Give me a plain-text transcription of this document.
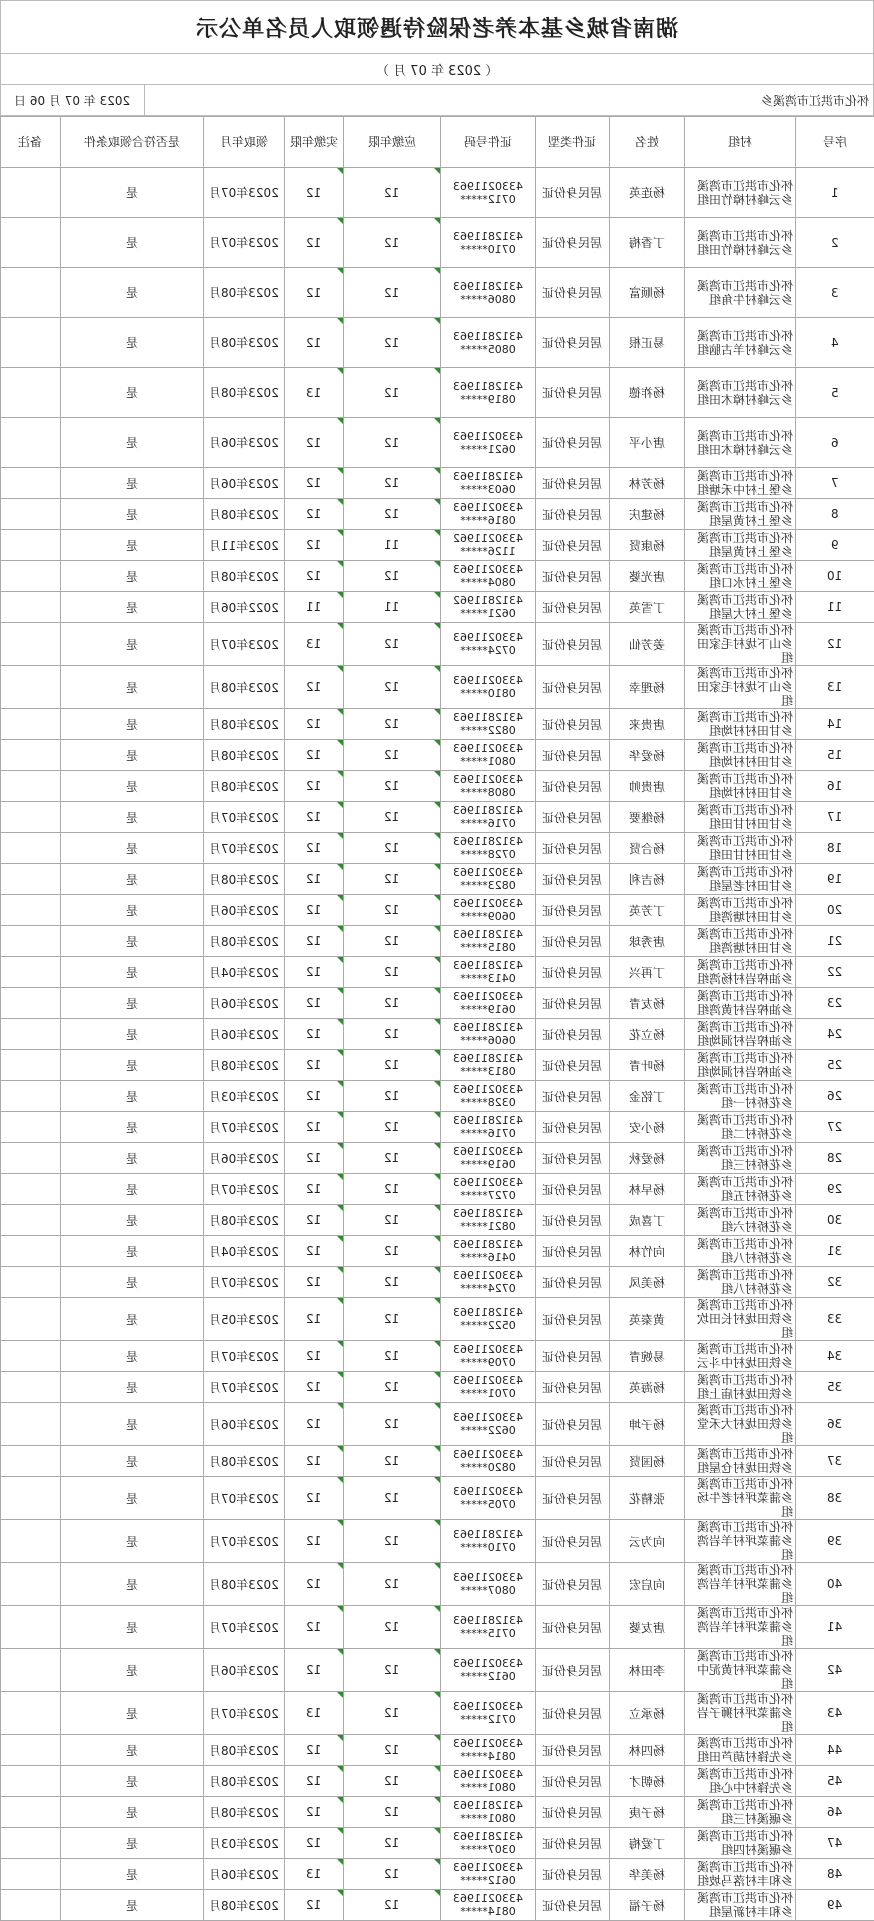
湖南省城乡基本养老保险待遇领取人员名单公示
（ 2023 年 07 月 ）
2023 年 07 月 06 日	怀化市洪江市湾溪乡
备注	是否符合领取条件	领取年月	实缴年限	应缴年限	证件号码	证件类型	姓名	村组	序号
	是	2023年07月	12	12	4330211963 0712*****	居民身份证	杨连英	怀化市洪江市湾溪乡云峰村樟竹田组	1
	是	2023年07月	12	12	4312811963 0710*****	居民身份证	丁香梅	怀化市洪江市湾溪乡云峰村樟竹田组	2
	是	2023年08月	12	12	4312811963 0806*****	居民身份证	杨顺富	怀化市洪江市湾溪乡云峰村牛角组	3
	是	2023年08月	12	12	4312811963 0805*****	居民身份证	易正根	怀化市洪江市湾溪乡云峰村羊古脑组	4
	是	2023年08月	13	12	4312811963 0819*****	居民身份证	杨祚德	怀化市洪江市湾溪乡云峰村樟木田组	5
	是	2023年06月	12	12	4330211963 0621*****	居民身份证	唐小平	怀化市洪江市湾溪乡云峰村樟木田组	6
	是	2023年06月	12	12	4312811963 0603*****	居民身份证	杨芳林	怀化市洪江市湾溪乡堡上村中禾塘组	7
	是	2023年08月	12	12	4330211963 0816*****	居民身份证	杨建庆	怀化市洪江市湾溪乡堡上村黄屋组	8
	是	2023年11月	12	11	4330211962 1126*****	居民身份证	杨康贤	怀化市洪江市湾溪乡堡上村黄屋组	9
	是	2023年08月	12	12	4330211963 0804*****	居民身份证	唐光婆	怀化市洪江市湾溪乡堡上村水口组	10
	是	2022年06月	11	11	4312811962 0621*****	居民身份证	丁雪英	怀化市洪江市湾溪乡堡上村大屋组	11
	是	2023年07月	13	12	4330211963 0724*****	居民身份证	姜芳仙	怀化市洪江市湾溪乡山下垅村毛家田组	12
	是	2023年08月	12	12	4330211963 0810*****	居民身份证	杨理幸	怀化市洪江市湾溪乡山下垅村毛家田组	13
	是	2023年08月	12	12	4312811963 0822*****	居民身份证	唐贵来	怀化市洪江市湾溪乡甘田村村坳组	14
	是	2023年08月	12	12	4330211963 0801*****	居民身份证	杨爱华	怀化市洪江市湾溪乡甘田村村坳组	15
	是	2023年08月	12	12	4330211963 0808*****	居民身份证	唐贵帅	怀化市洪江市湾溪乡甘田村村坳组	16
	是	2023年07月	12	12	4312811963 0716*****	居民身份证	杨继要	怀化市洪江市湾溪乡甘田村甘田组	17
	是	2023年07月	12	12	4312811963 0728*****	居民身份证	杨合贤	怀化市洪江市湾溪乡甘田村甘田组	18
	是	2023年08月	12	12	4330211963 0823*****	居民身份证	杨吉利	怀化市洪江市湾溪乡甘田村老屋组	19
	是	2023年06月	12	12	4330211963 0609*****	居民身份证	丁芳英	怀化市洪江市湾溪乡甘田村塘湾组	20
	是	2023年08月	12	12	4312811963 0815*****	居民身份证	唐秀球	怀化市洪江市湾溪乡甘田村塘湾组	21
	是	2023年04月	12	12	4312811963 0413*****	居民身份证	丁再兴	怀化市洪江市湾溪乡油榨岩村杨湾组	22
	是	2023年06月	12	12	4330211963 0619*****	居民身份证	杨友青	怀化市洪江市湾溪乡油榨岩村黄湾组	23
	是	2023年06月	12	12	4312811963 0606*****	居民身份证	杨立花	怀化市洪江市湾溪乡油榨岩村洞坳组	24
	是	2023年08月	12	12	4312811963 0813*****	居民身份证	杨叶青	怀化市洪江市湾溪乡油榨岩村洞坳组	25
	是	2023年03月	12	12	4330211963 0328*****	居民身份证	丁铭金	怀化市洪江市湾溪乡花桥村一组	26
	是	2023年07月	12	12	4312811963 0716*****	居民身份证	杨小安	怀化市洪江市湾溪乡花桥村二组	27
	是	2023年06月	12	12	4330211963 0619*****	居民身份证	杨爱秋	怀化市洪江市湾溪乡花桥村三组	28
	是	2023年07月	12	12	4330211963 0727*****	居民身份证	杨早林	怀化市洪江市湾溪乡花桥村五组	29
	是	2023年08月	12	12	4312811963 0821*****	居民身份证	丁喜成	怀化市洪江市湾溪乡花桥村六组	30
	是	2023年04月	12	12	4312811963 0416*****	居民身份证	向竹林	怀化市洪江市湾溪乡花桥村八组	31
	是	2023年07月	12	12	4330211963 0724*****	居民身份证	杨美凤	怀化市洪江市湾溪乡花桥村八组	32
	是	2023年05月	12	12	4312811963 0522*****	居民身份证	黄秦英	怀化市洪江市湾溪乡铁田垅村长田坎组	33
	是	2023年07月	12	12	4330211963 0709*****	居民身份证	易婉青	怀化市洪江市湾溪乡铁田垅村中斗云	34
	是	2023年07月	12	12	4330211963 0701*****	居民身份证	杨海英	怀化市洪江市湾溪乡铁田垅村庙上组	35
	是	2023年06月	12	12	4330211963 0622*****	居民身份证	杨子坤	怀化市洪江市湾溪乡铁田垅村大禾堂组	36
	是	2023年08月	12	12	4330211963 0820*****	居民身份证	杨国贤	怀化市洪江市湾溪乡铁田垅村仓屋组	37
	是	2023年07月	12	12	4330211963 0705*****	居民身份证	张精花	怀化市洪江市湾溪乡蒲菜坪村老牛场组	38
	是	2023年07月	12	12	4312811963 0710*****	居民身份证	向为云	怀化市洪江市湾溪乡蒲菜坪村羊岩湾组	39
	是	2023年08月	12	12	4330211963 0807*****	居民身份证	向启宏	怀化市洪江市湾溪乡蒲菜坪村羊岩湾组	40
	是	2023年07月	12	12	4312811963 0715*****	居民身份证	唐友婆	怀化市洪江市湾溪乡蒲菜坪村羊岩湾组	41
	是	2023年06月	12	12	4330211963 0612*****	居民身份证	李田林	怀化市洪江市湾溪乡蒲菜坪村黄泥中组	42
	是	2023年07月	13	12	4330211963 0712*****	居民身份证	杨承立	怀化市洪江市湾溪乡蒲菜坪村狮子岩组	43
	是	2023年08月	12	12	4330211963 0814*****	居民身份证	杨四林	怀化市洪江市湾溪乡先锋村葫芦田组	44
	是	2023年08月	12	12	4330211963 0801*****	居民身份证	杨朝才	怀化市洪江市湾溪乡先锋村中心组	45
	是	2023年08月	12	12	4312811963 0801*****	居民身份证	杨子庚	怀化市洪江市湾溪乡碾溪村三组	46
	是	2023年03月	12	12	4312811963 0307*****	居民身份证	丁爱梅	怀化市洪江市湾溪乡碾溪村四组	47
	是	2023年06月	13	12	4330211963 0612*****	居民身份证	杨美华	怀化市洪江市湾溪乡和丰村落马坡组	48
	是	2023年08月	12	12	4330211963 0814*****	居民身份证	杨子福	怀化市洪江市湾溪乡和丰村新屋组	49
